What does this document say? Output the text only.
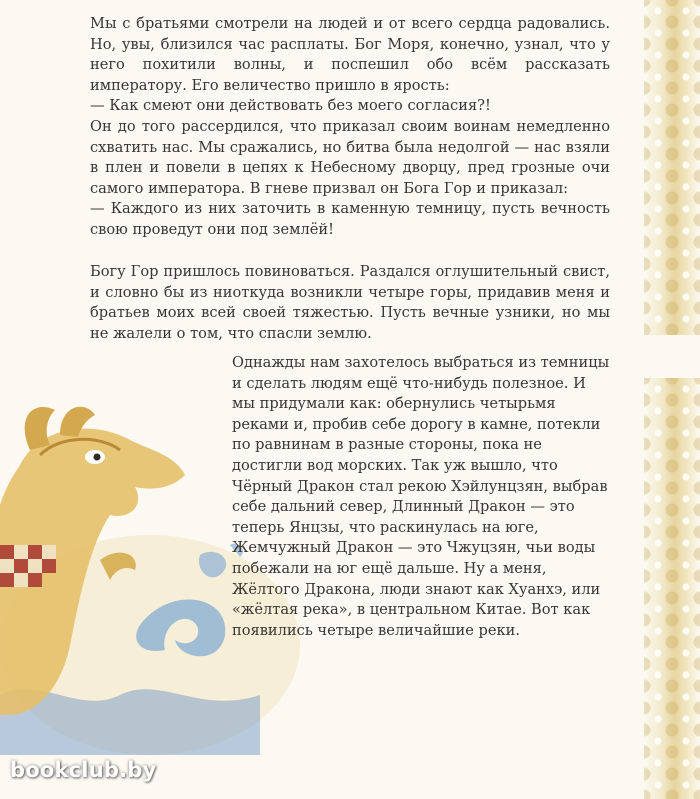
Мы с братьями смотрели на людей и от всего сердца радовались. Но, увы, близился час расплаты. Бог Моря, конечно, узнал, что у него похитили волны, и поспешил обо всём рассказать императору. Его величество пришло в ярость:
— Как смеют они действовать без моего согласия?!
Он до того рассердился, что приказал своим воинам немедленно схватить нас. Мы сражались, но битва была недолгой — нас взяли в плен и повели в цепях к Небесному дворцу, пред грозные очи самого императора. В гневе призвал он Бога Гор и приказал:
— Каждого из них заточить в каменную темницу, пусть вечность свою проведут они под землёй!

Богу Гор пришлось повиноваться. Раздался оглушительный свист, и словно бы из ниоткуда возникли четыре горы, придавив меня и братьев моих всей своей тяжестью. Пусть вечные узники, но мы не жалели о том, что спасли землю.

Однажды нам захотелось выбраться из темницы и сделать людям ещё что-нибудь полезное. И мы придумали как: обернулись четырьмя реками и, пробив себе дорогу в камне, потекли по равнинам в разные стороны, пока не достигли вод морских. Так уж вышло, что Чёрный Дракон стал рекою Хэйлунцзян, выбрав себе дальний север, Длинный Дракон — это теперь Янцзы, что раскинулась на юге, Жемчужный Дракон — это Чжуцзян, чьи воды побежали на юг ещё дальше. Ну а меня, Жёлтого Дракона, люди знают как Хуанхэ, или «жёлтая река», в центральном Китае. Вот как появились четыре величайшие реки.

bookclub.by
